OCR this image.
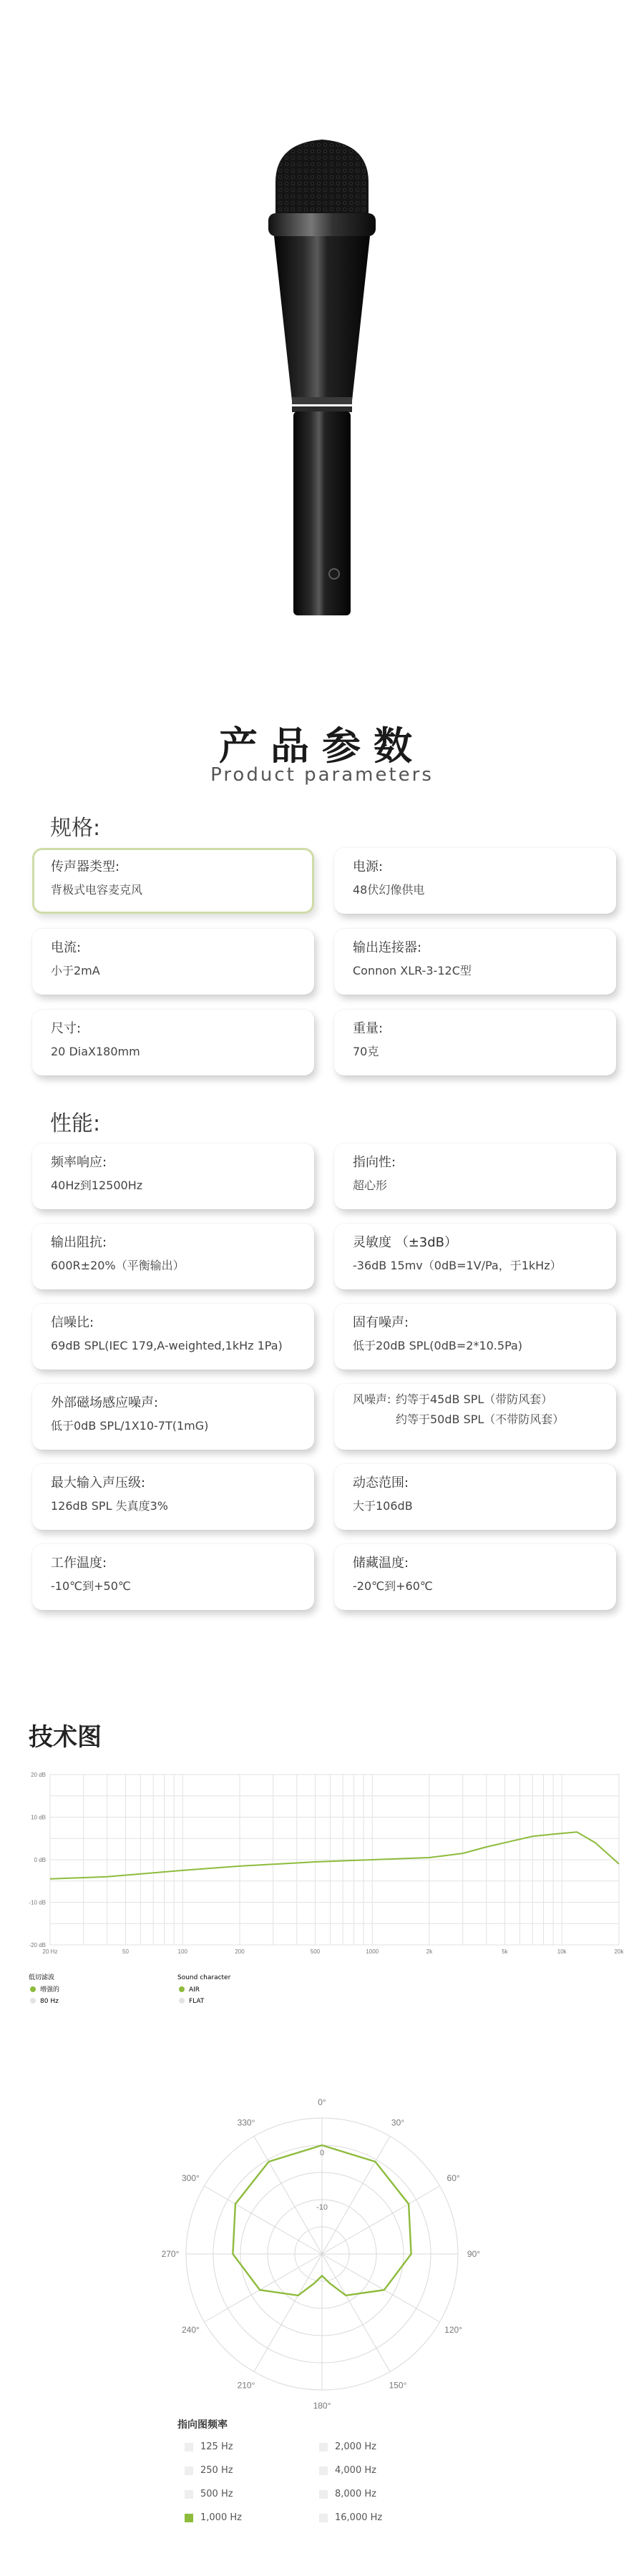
产品参数
Product parameters
规格:
传声器类型:
背极式电容麦克风
电源:
48伏幻像供电
电流:
小于2mA
输出连接器:
Connon XLR-3-12C型
尺寸:
20 DiaX180mm
重量:
70克
性能:
频率响应:
40Hz到12500Hz
指向性:
超心形
输出阻抗:
600R±20%（平衡输出）
灵敏度 （±3dB）
-36dB 15mv（0dB=1V/Pa，于1kHz）
信噪比:
69dB SPL(IEC 179,A-weighted,1kHz 1Pa)
固有噪声:
低于20dB SPL(0dB=2*10.5Pa)
外部磁场感应噪声:
低于0dB SPL/1X10-7T(1mG)
风噪声: 约等于45dB SPL（带防风套）
约等于50dB SPL（不带防风套）
最大输入声压级:
126dB SPL 失真度3%
动态范围:
大于106dB
工作温度:
-10℃到+50℃
储藏温度:
-20℃到+60℃
技术图
20 dB
10 dB
0 dB
-10 dB
-20 dB
20 Hz	50	100	200	500	1000	2k	5k	10k	20k
低切滤波
增强的
80 Hz
Sound character
AIR
FLAT
0°
30°
60°
90°
120°
150°
180°
210°
240°
270°
300°
330°
0
-10
指向图频率
125 Hz	2,000 Hz
250 Hz	4,000 Hz
500 Hz	8,000 Hz
1,000 Hz	16,000 Hz
